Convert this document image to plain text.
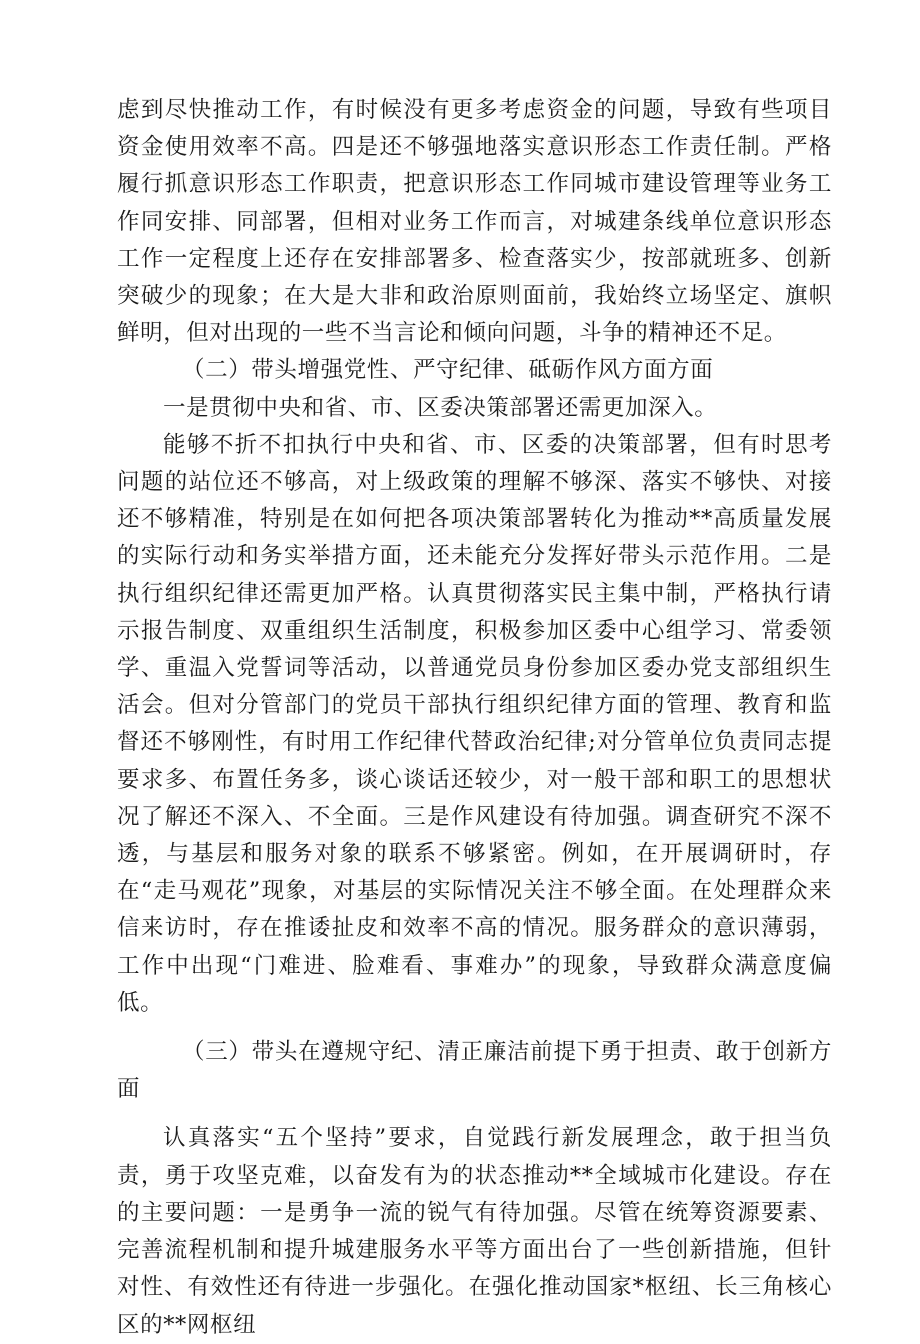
虑到尽快推动工作，有时候没有更多考虑资金的问题，导致有些项目资金使用效率不高。四是还不够强地落实意识形态工作责任制。严格履行抓意识形态工作职责，把意识形态工作同城市建设管理等业务工作同安排、同部署，但相对业务工作而言，对城建条线单位意识形态工作一定程度上还存在安排部署多、检查落实少，按部就班多、创新突破少的现象；在大是大非和政治原则面前，我始终立场坚定、旗帜鲜明，但对出现的一些不当言论和倾向问题，斗争的精神还不足。

（二）带头增强党性、严守纪律、砥砺作风方面方面

一是贯彻中央和省、市、区委决策部署还需更加深入。

能够不折不扣执行中央和省、市、区委的决策部署，但有时思考问题的站位还不够高，对上级政策的理解不够深、落实不够快、对接还不够精准，特别是在如何把各项决策部署转化为推动**高质量发展的实际行动和务实举措方面，还未能充分发挥好带头示范作用。二是执行组织纪律还需更加严格。认真贯彻落实民主集中制，严格执行请示报告制度、双重组织生活制度，积极参加区委中心组学习、常委领学、重温入党誓词等活动，以普通党员身份参加区委办党支部组织生活会。但对分管部门的党员干部执行组织纪律方面的管理、教育和监督还不够刚性，有时用工作纪律代替政治纪律;对分管单位负责同志提要求多、布置任务多，谈心谈话还较少，对一般干部和职工的思想状况了解还不深入、不全面。三是作风建设有待加强。调查研究不深不透，与基层和服务对象的联系不够紧密。例如，在开展调研时，存在“走马观花”现象，对基层的实际情况关注不够全面。在处理群众来信来访时，存在推诿扯皮和效率不高的情况。服务群众的意识薄弱，工作中出现“门难进、脸难看、事难办”的现象，导致群众满意度偏低。

（三）带头在遵规守纪、清正廉洁前提下勇于担责、敢于创新方面

认真落实“五个坚持”要求，自觉践行新发展理念，敢于担当负责，勇于攻坚克难，以奋发有为的状态推动**全域城市化建设。存在的主要问题：一是勇争一流的锐气有待加强。尽管在统筹资源要素、完善流程机制和提升城建服务水平等方面出台了一些创新措施，但针对性、有效性还有待进一步强化。在强化推动国家*枢纽、长三角核心区的**网枢纽
